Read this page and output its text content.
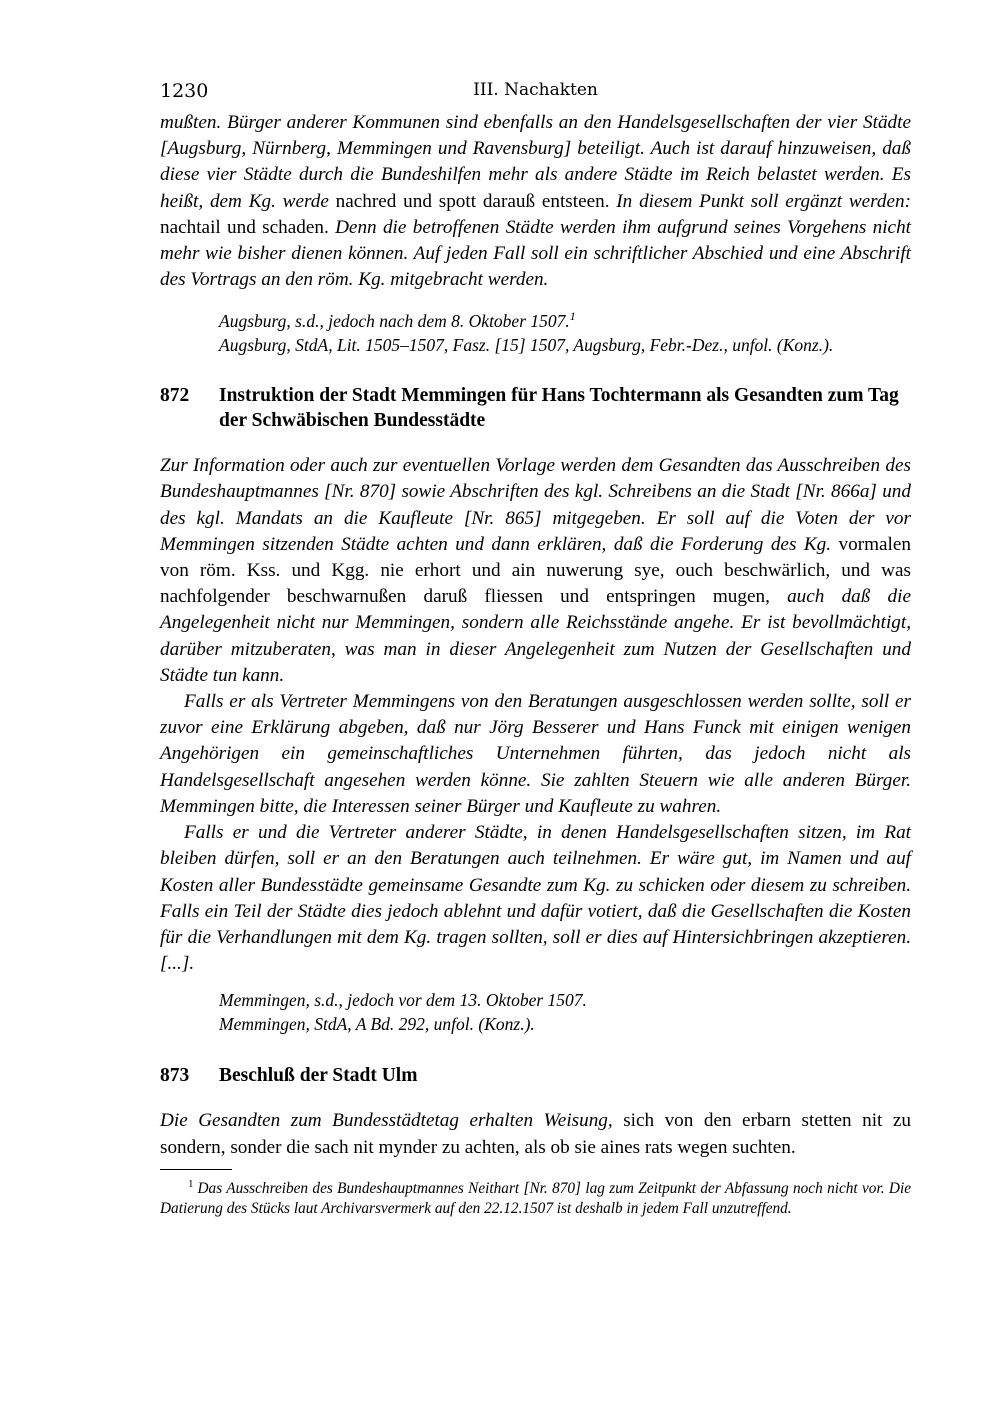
1230	III. Nachakten

mußten. Bürger anderer Kommunen sind ebenfalls an den Handelsgesellschaften der vier Städte [Augsburg, Nürnberg, Memmingen und Ravensburg] beteiligt. Auch ist darauf hinzuweisen, daß diese vier Städte durch die Bundeshilfen mehr als andere Städte im Reich belastet werden. Es heißt, dem Kg. werde nachred und spott darauß entsteen. In diesem Punkt soll ergänzt werden: nachtail und schaden. Denn die betroffenen Städte werden ihm aufgrund seines Vorgehens nicht mehr wie bisher dienen können. Auf jeden Fall soll ein schriftlicher Abschied und eine Abschrift des Vortrags an den röm. Kg. mitgebracht werden.

Augsburg, s.d., jedoch nach dem 8. Oktober 1507.$^1$
Augsburg, StdA, Lit. 1505–1507, Fasz. [15] 1507, Augsburg, Febr.-Dez., unfol. (Konz.).
872 Instruktion der Stadt Memmingen für Hans Tochtermann als Gesandten zum Tag der Schwäbischen Bundesstädte

Zur Information oder auch zur eventuellen Vorlage werden dem Gesandten das Ausschreiben des Bundeshauptmannes [Nr. 870] sowie Abschriften des kgl. Schreibens an die Stadt [Nr. 866a] und des kgl. Mandats an die Kaufleute [Nr. 865] mitgegeben. Er soll auf die Voten der vor Memmingen sitzenden Städte achten und dann erklären, daß die Forderung des Kg. vormalen von röm. Kss. und Kgg. nie erhort und ain nuwerung sye, ouch beschwärlich, und was nachfolgender beschwarnußen daruß fliessen und entspringen mugen, auch daß die Angelegenheit nicht nur Memmingen, sondern alle Reichsstände angehe. Er ist bevollmächtigt, darüber mitzuberaten, was man in dieser Angelegenheit zum Nutzen der Gesellschaften und Städte tun kann.

Falls er als Vertreter Memmingens von den Beratungen ausgeschlossen werden sollte, soll er zuvor eine Erklärung abgeben, daß nur Jörg Besserer und Hans Funck mit einigen wenigen Angehörigen ein gemeinschaftliches Unternehmen führten, das jedoch nicht als Handelsgesellschaft angesehen werden könne. Sie zahlten Steuern wie alle anderen Bürger. Memmingen bitte, die Interessen seiner Bürger und Kaufleute zu wahren.

Falls er und die Vertreter anderer Städte, in denen Handelsgesellschaften sitzen, im Rat bleiben dürfen, soll er an den Beratungen auch teilnehmen. Er wäre gut, im Namen und auf Kosten aller Bundesstädte gemeinsame Gesandte zum Kg. zu schicken oder diesem zu schreiben. Falls ein Teil der Städte dies jedoch ablehnt und dafür votiert, daß die Gesellschaften die Kosten für die Verhandlungen mit dem Kg. tragen sollten, soll er dies auf Hintersichbringen akzeptieren. [...].

Memmingen, s.d., jedoch vor dem 13. Oktober 1507.
Memmingen, StdA, A Bd. 292, unfol. (Konz.).
873 Beschluß der Stadt Ulm

Die Gesandten zum Bundesstädtetag erhalten Weisung, sich von den erbarn stetten nit zu sondern, sonder die sach nit mynder zu achten, als ob sie aines rats wegen suchten.

$^1$ Das Ausschreiben des Bundeshauptmannes Neithart [Nr. 870] lag zum Zeitpunkt der Abfassung noch nicht vor. Die Datierung des Stücks laut Archivarsvermerk auf den 22.12.1507 ist deshalb in jedem Fall unzutreffend.
